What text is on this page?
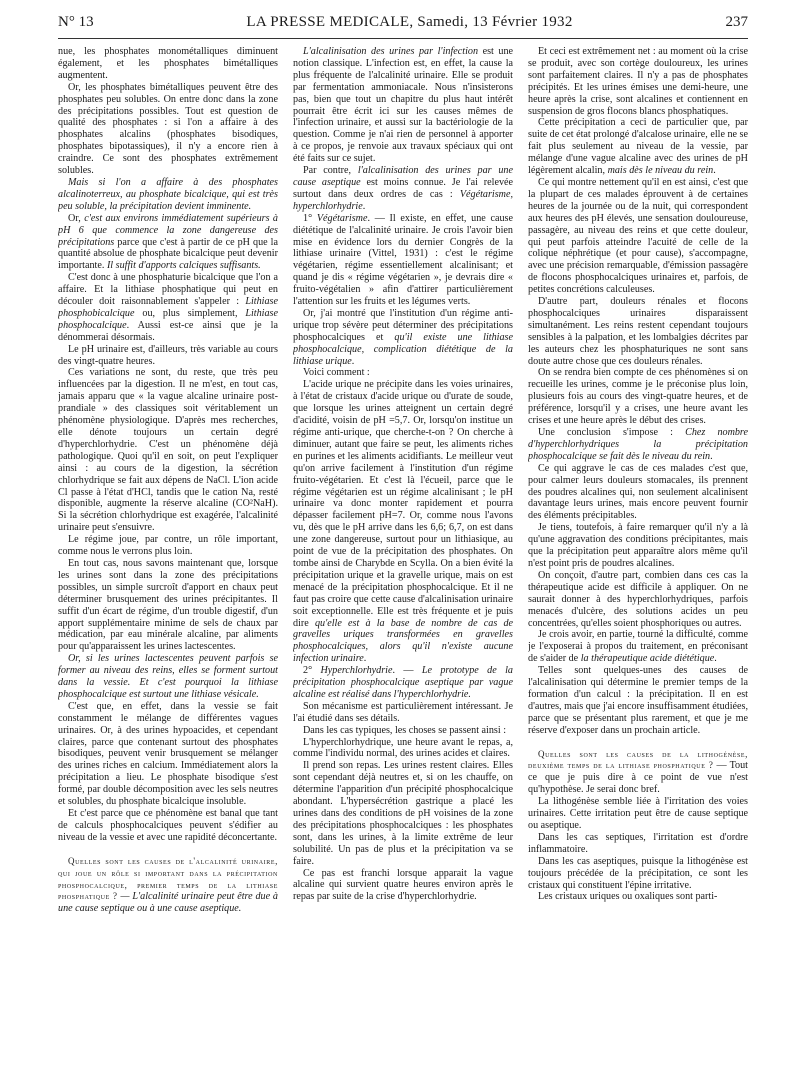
N° 13	LA PRESSE MEDICALE, Samedi, 13 Février 1932	237

nue, les phosphates monométalliques diminuent également, et les phosphates bimétalliques augmentent.

Or, les phosphates bimétalliques peuvent être des phosphates peu solubles. On entre donc dans la zone des précipitations possibles. Tout est question de qualité des phosphates : si l'on a affaire à des phosphates alcalins (phosphates bisodiques, phosphates bipotassiques), il n'y a encore rien à craindre. Ce sont des phosphates extrêmement solubles.

Mais si l'on a affaire à des phosphates alcalinoterreux, au phosphate bicalcique, qui est très peu soluble, la précipitation devient imminente.

Or, c'est aux environs immédiatement supérieurs à pH 6 que commence la zone dangereuse des précipitations parce que c'est à partir de ce pH que la quantité absolue de phosphate bicalcique peut devenir importante. Il suffit d'apports calciques suffisants.

C'est donc à une phosphaturie bicalcique que l'on a affaire. Et la lithiase phosphatique qui peut en découler doit raisonnablement s'appeler : Lithiase phosphobicalcique ou, plus simplement, Lithiase phosphocalcique. Aussi est-ce ainsi que je la dénommerai désormais.

Le pH urinaire est, d'ailleurs, très variable au cours des vingt-quatre heures.

Ces variations ne sont, du reste, que très peu influencées par la digestion. Il ne m'est, en tout cas, jamais apparu que « la vague alcaline urinaire post-prandiale » des classiques soit véritablement un phénomène physiologique. D'après mes recherches, elle dénote toujours un certain degré d'hyperchlorhydrie. C'est un phénomène déjà pathologique. Quoi qu'il en soit, on peut l'expliquer ainsi : au cours de la digestion, la sécrétion chlorhydrique se fait aux dépens de NaCl. L'ion acide Cl passe à l'état d'HCl, tandis que le cation Na, resté disponible, augmente la réserve alcaline (CO²NaH). Si la sécrétion chlorhydrique est exagérée, l'alcalinité urinaire peut s'ensuivre.

Le régime joue, par contre, un rôle important, comme nous le verrons plus loin.

En tout cas, nous savons maintenant que, lorsque les urines sont dans la zone des précipitations possibles, un simple surcroît d'apport en chaux peut déterminer brusquement des urines précipitantes. Il suffit d'un écart de régime, d'un trouble digestif, d'un apport supplémentaire minime de sels de chaux par médication, par eau minérale alcaline, par aliments pour qu'apparaissent les urines lactescentes.

Or, si les urines lactescentes peuvent parfois se former au niveau des reins, elles se forment surtout dans la vessie. Et c'est pourquoi la lithiase phosphocalcique est surtout une lithiase vésicale.

C'est que, en effet, dans la vessie se fait constamment le mélange de différentes vagues urinaires. Or, à des urines hypoacides, et cependant claires, parce que contenant surtout des phosphates bisodiques, peuvent venir brusquement se mélanger des urines riches en calcium. Immédiatement alors la précipitation a lieu. Le phosphate bisodique s'est formé, par double décomposition avec les sels neutres et solubles, du phosphate bicalcique insoluble.

Et c'est parce que ce phénomène est banal que tant de calculs phosphocalciques peuvent s'édifier au niveau de la vessie et avec une rapidité déconcertante.

Quelles sont les causes de l'alcalinité urinaire, qui joue un rôle si important dans la précipitation phosphocalcique, premier temps de la lithiase phosphatique ? — L'alcalinité urinaire peut être due à une cause septique ou à une cause aseptique.

L'alcalinisation des urines par l'infection est une notion classique. L'infection est, en effet, la cause la plus fréquente de l'alcalinité urinaire. Elle se produit par fermentation ammoniacale. Nous n'insisterons pas, bien que tout un chapitre du plus haut intérêt pourrait être écrit ici sur les causes mêmes de l'infection urinaire, et aussi sur la bactériologie de la question. Comme je n'ai rien de personnel à apporter à ce propos, je renvoie aux travaux spéciaux qui ont été faits sur ce sujet.

Par contre, l'alcalinisation des urines par une cause aseptique est moins connue. Je l'ai relevée surtout dans deux ordres de cas : Végétarisme, hyperchlorhydrie.

1° Végétarisme. — Il existe, en effet, une cause diététique de l'alcalinité urinaire. Je crois l'avoir bien mise en évidence lors du dernier Congrès de la lithiase urinaire (Vittel, 1931) : c'est le régime végétarien, régime essentiellement alcalinisant; et quand je dis « régime végétarien », je devrais dire « fruito-végétalien » afin d'attirer particulièrement l'attention sur les fruits et les légumes verts.

Or, j'ai montré que l'institution d'un régime anti-urique trop sévère peut déterminer des précipitations phosphocalciques et qu'il existe une lithiase phosphocalcique, complication diététique de la lithiase urique.

Voici comment :

L'acide urique ne précipite dans les voies urinaires, à l'état de cristaux d'acide urique ou d'urate de soude, que lorsque les urines atteignent un certain degré d'acidité, voisin de pH =5,7. Or, lorsqu'on institue un régime anti-urique, que cherche-t-on ? On cherche à diminuer, autant que faire se peut, les aliments riches en purines et les aliments acidifiants. Le meilleur veut qu'on arrive facilement à l'institution d'un régime fruito-végétarien. Et c'est là l'écueil, parce que le régime végétarien est un régime alcalinisant ; le pH urinaire va donc monter rapidement et pourra dépasser facilement pH=7. Or, comme nous l'avons vu, dès que le pH arrive dans les 6,6; 6,7, on est dans une zone dangereuse, surtout pour un lithiasique, au point de vue de la précipitation des phosphates. On tombe ainsi de Charybde en Scylla. On a bien évité la précipitation urique et la gravelle urique, mais on est menacé de la précipitation phosphocalcique. Et il ne faut pas croire que cette cause d'alcalinisation urinaire soit exceptionnelle. Elle est très fréquente et je puis dire qu'elle est à la base de nombre de cas de gravelles uriques transformées en gravelles phosphocalciques, alors qu'il n'existe aucune infection urinaire.

2° Hyperchlorhydrie. — Le prototype de la précipitation phosphocalcique aseptique par vague alcaline est réalisé dans l'hyperchlorhydrie.

Son mécanisme est particulièrement intéressant. Je l'ai étudié dans ses détails.

Dans les cas typiques, les choses se passent ainsi :

L'hyperchlorhydrique, une heure avant le repas, a, comme l'individu normal, des urines acides et claires.

Il prend son repas. Les urines restent claires. Elles sont cependant déjà neutres et, si on les chauffe, on détermine l'apparition d'un précipité phosphocalcique abondant. L'hypersécrétion gastrique a placé les urines dans des conditions de pH voisines de la zone des précipitations phosphocalciques : les phosphates sont, dans les urines, à la limite extrême de leur solubilité. Un pas de plus et la précipitation va se faire.

Ce pas est franchi lorsque apparait la vague alcaline qui survient quatre heures environ après le repas par suite de la crise d'hyperchlorhydrie.

Et ceci est extrêmement net : au moment où la crise se produit, avec son cortège douloureux, les urines sont parfaitement claires. Il n'y a pas de phosphates précipités. Et les urines émises une demi-heure, une heure après la crise, sont alcalines et contiennent en suspension de gros flocons blancs phosphatiques.

Cette précipitation a ceci de particulier que, par suite de cet état prolongé d'alcalose urinaire, elle ne se fait plus seulement au niveau de la vessie, par mélange d'une vague alcaline avec des urines de pH légèrement alcalin, mais dès le niveau du rein.

Ce qui montre nettement qu'il en est ainsi, c'est que la plupart de ces malades éprouvent à de certaines heures de la journée ou de la nuit, qui correspondent aux heures des pH élevés, une sensation douloureuse, passagère, au niveau des reins et que cette douleur, qui peut parfois atteindre l'acuité de celle de la colique néphrétique (et pour cause), s'accompagne, avec une précision remarquable, d'émission passagère de flocons phosphocalciques urinaires et, parfois, de petites concrétions calculeuses.

D'autre part, douleurs rénales et flocons phosphocalciques urinaires disparaissent simultanément. Les reins restent cependant toujours sensibles à la palpation, et les lombalgies décrites par les auteurs chez les phosphaturiques ne sont sans doute autre chose que ces douleurs rénales.

On se rendra bien compte de ces phénomènes si on recueille les urines, comme je le préconise plus loin, plusieurs fois au cours des vingt-quatre heures, et de préférence, lorsqu'il y a crises, une heure avant les crises et une heure après le début des crises.

Une conclusion s'impose : Chez nombre d'hyperchlorhydriques la précipitation phosphocalcique se fait dès le niveau du rein.

Ce qui aggrave le cas de ces malades c'est que, pour calmer leurs douleurs stomacales, ils prennent des poudres alcalines qui, non seulement alcalinisent davantage leurs urines, mais encore peuvent fournir des éléments précipitables.

Je tiens, toutefois, à faire remarquer qu'il n'y a là qu'une aggravation des conditions précipitantes, mais que la précipitation peut apparaître alors même qu'il n'est point pris de poudres alcalines.

On conçoit, d'autre part, combien dans ces cas la thérapeutique acide est difficile à appliquer. On ne saurait donner à des hyperchlorhydriques, parfois menacés d'ulcère, des solutions acides un peu concentrées, qu'elles soient phosphoriques ou autres.

Je crois avoir, en partie, tourné la difficulté, comme je l'exposerai à propos du traitement, en préconisant de s'aider de la thérapeutique acide diététique.

Telles sont quelques-unes des causes de l'alcalinisation qui détermine le premier temps de la formation d'un calcul : la précipitation. Il en est d'autres, mais que j'ai encore insuffisamment étudiées, parce que se présentant plus rarement, et que je me réserve d'exposer dans un prochain article.

Quelles sont les causes de la lithogénèse, deuxième temps de la lithiase phosphatique ? — Tout ce que je puis dire à ce point de vue n'est qu'hypothèse. Je serai donc bref.

La lithogénèse semble liée à l'irritation des voies urinaires. Cette irritation peut être de cause septique ou aseptique.

Dans les cas septiques, l'irritation est d'ordre inflammatoire.

Dans les cas aseptiques, puisque la lithogénèse est toujours précédée de la précipitation, ce sont les cristaux qui constituent l'épine irritative.

Les cristaux uriques ou oxaliques sont parti-
